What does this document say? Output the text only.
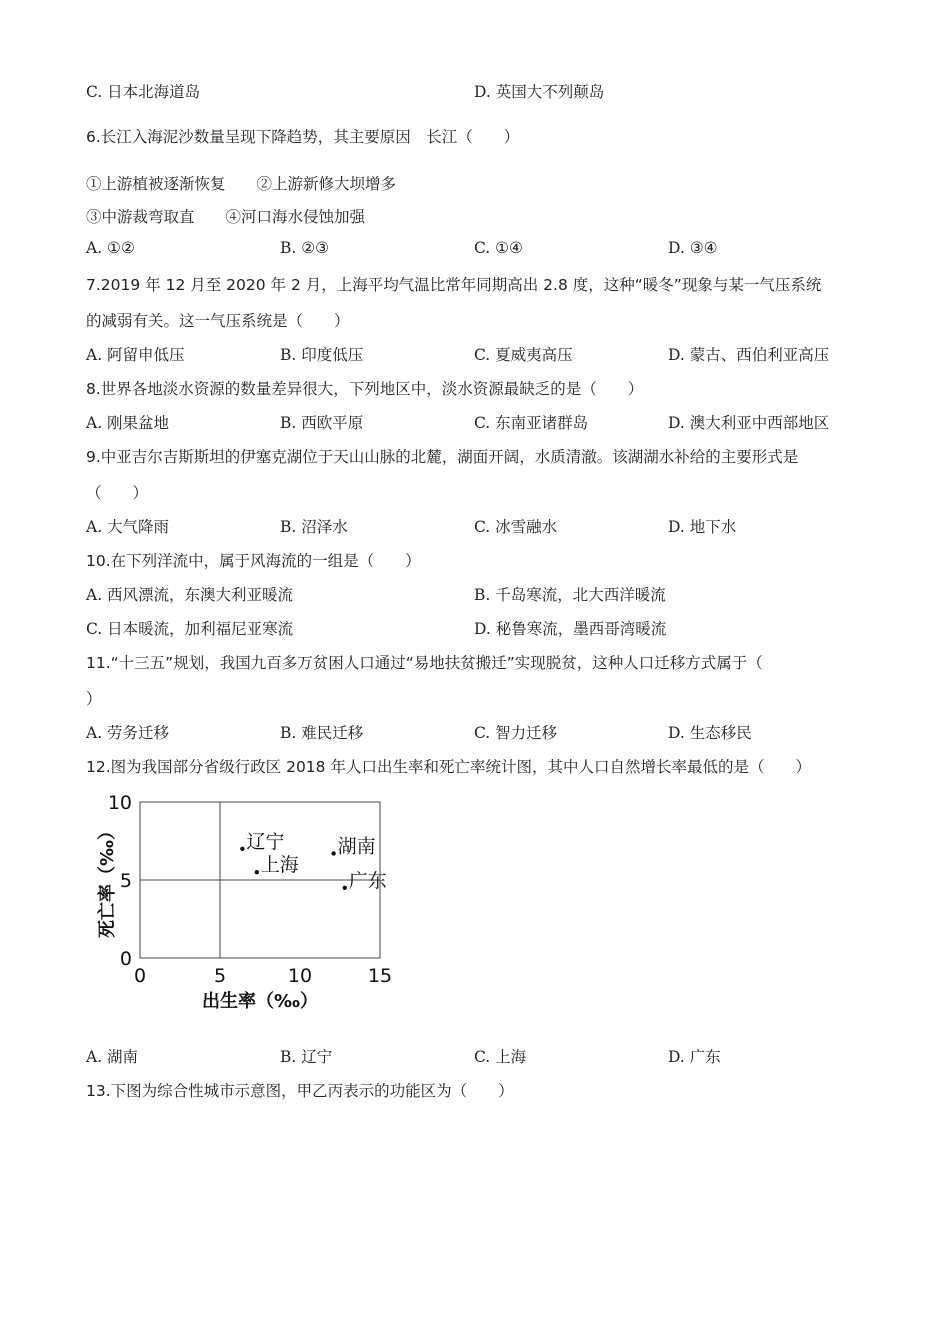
C. 日本北海道岛	D. 英国大不列颠岛
6.长江入海泥沙数量呈现下降趋势，其主要原因　长江（　　）
①上游植被逐渐恢复　　②上游新修大坝增多
③中游裁弯取直　　④河口海水侵蚀加强
A. ①②	B. ②③	C. ①④	D. ③④
7.2019 年 12 月至 2020 年 2 月，上海平均气温比常年同期高出 2.8 度，这种“暖冬”现象与某一气压系统
的减弱有关。这一气压系统是（　　）
A. 阿留申低压	B. 印度低压	C. 夏威夷高压	D. 蒙古、西伯利亚高压
8.世界各地淡水资源的数量差异很大，下列地区中，淡水资源最缺乏的是（　　）
A. 刚果盆地	B. 西欧平原	C. 东南亚诸群岛	D. 澳大利亚中西部地区
9.中亚吉尔吉斯斯坦的伊塞克湖位于天山山脉的北麓，湖面开阔，水质清澈。该湖湖水补给的主要形式是
（　　）
A. 大气降雨	B. 沼泽水	C. 冰雪融水	D. 地下水
10.在下列洋流中，属于风海流的一组是（　　）
A. 西风漂流，东澳大利亚暖流	B. 千岛寒流，北大西洋暖流
C. 日本暖流，加利福尼亚寒流	D. 秘鲁寒流，墨西哥湾暖流
11.“十三五”规划，我国九百多万贫困人口通过“易地扶贫搬迁”实现脱贫，这种人口迁移方式属于（
）
A. 劳务迁移	B. 难民迁移	C. 智力迁移	D. 生态移民
12.图为我国部分省级行政区 2018 年人口出生率和死亡率统计图，其中人口自然增长率最低的是（　　）
0	5	10	15
0
5
10
辽宁
上海
湖南
广东
出生率（‰）
死亡率（‰）
A. 湖南	B. 辽宁	C. 上海	D. 广东
13.下图为综合性城市示意图，甲乙丙表示的功能区为（　　）
